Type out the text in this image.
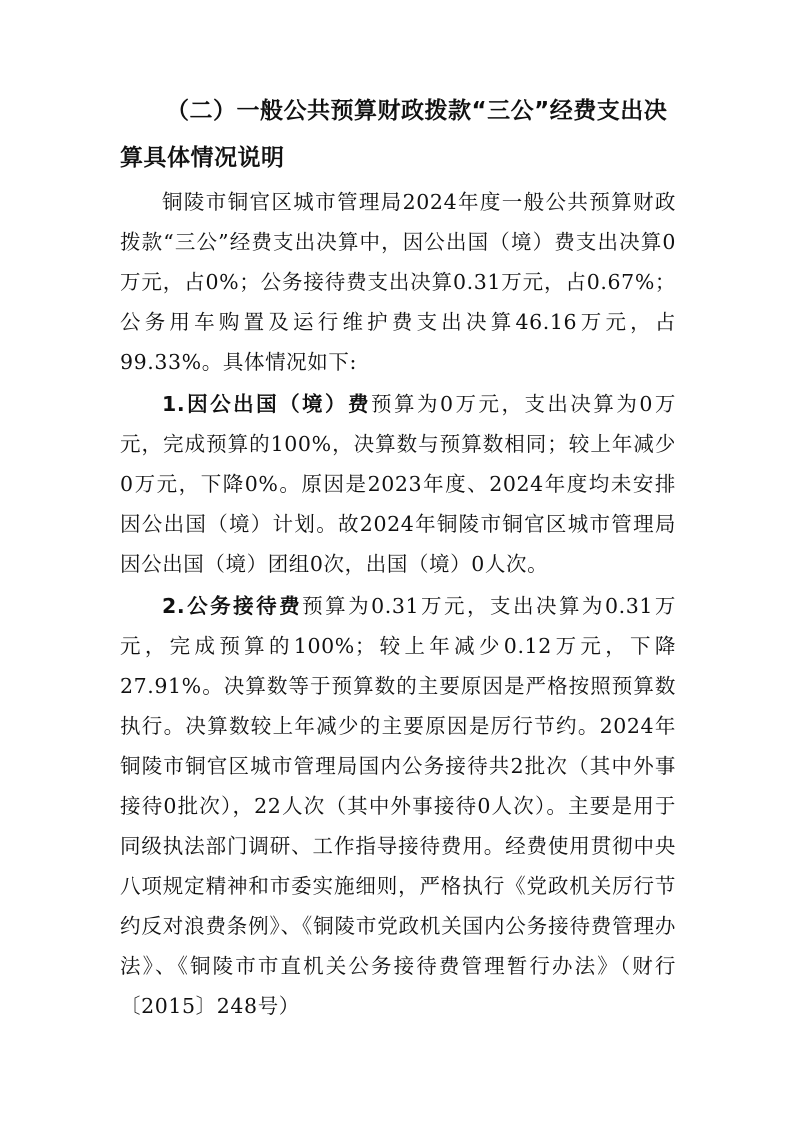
（二）一般公共预算财政拨款“三公”经费支出决算具体情况说明

铜陵市铜官区城市管理局2024年度一般公共预算财政拨款“三公”经费支出决算中，因公出国（境）费支出决算0万元，占0%；公务接待费支出决算0.31万元，占0.67%；公务用车购置及运行维护费支出决算46.16万元，占99.33%。具体情况如下:

1.因公出国（境）费预算为0万元，支出决算为0万元，完成预算的100%，决算数与预算数相同；较上年减少0万元，下降0%。原因是2023年度、2024年度均未安排因公出国（境）计划。故2024年铜陵市铜官区城市管理局因公出国（境）团组0次，出国（境）0人次。

2.公务接待费预算为0.31万元，支出决算为0.31万元，完成预算的100%；较上年减少0.12万元，下降27.91%。决算数等于预算数的主要原因是严格按照预算数执行。决算数较上年减少的主要原因是厉行节约。2024年铜陵市铜官区城市管理局国内公务接待共2批次（其中外事接待0批次），22人次（其中外事接待0人次）。主要是用于同级执法部门调研、工作指导接待费用。经费使用贯彻中央八项规定精神和市委实施细则，严格执行《党政机关厉行节约反对浪费条例》、《铜陵市党政机关国内公务接待费管理办法》、《铜陵市市直机关公务接待费管理暂行办法》（财行〔2015〕248号）
